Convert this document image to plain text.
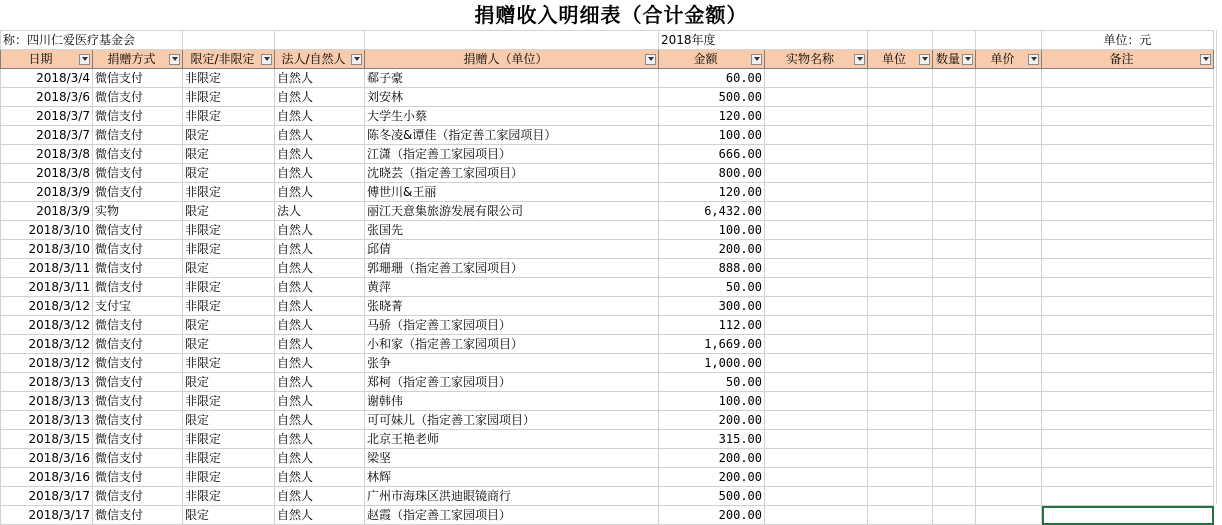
捐赠收入明细表（合计金额）
称：四川仁爱医疗基金会					2018年度					单位：元

日期	捐赠方式	限定/非限定	法人/自然人	捐赠人（单位）	金额	实物名称	单位	数量	单价	备注

2018/3/4	微信支付	非限定	自然人	郗子豪	60.00					
2018/3/6	微信支付	非限定	自然人	刘安林	500.00					
2018/3/7	微信支付	非限定	自然人	大学生小蔡	120.00					
2018/3/7	微信支付	限定	自然人	陈冬凌&谭佳（指定善工家园项目）	100.00					
2018/3/8	微信支付	限定	自然人	江潇（指定善工家园项目）	666.00					
2018/3/8	微信支付	限定	自然人	沈晓芸（指定善工家园项目）	800.00					
2018/3/9	微信支付	非限定	自然人	傅世川&王丽	120.00					
2018/3/9	实物	限定	法人	丽江天意集旅游发展有限公司	6,432.00					
2018/3/10	微信支付	非限定	自然人	张国先	100.00					
2018/3/10	微信支付	非限定	自然人	邱倩	200.00					
2018/3/11	微信支付	限定	自然人	郭珊珊（指定善工家园项目）	888.00					
2018/3/11	微信支付	非限定	自然人	黄萍	50.00					
2018/3/12	支付宝	非限定	自然人	张晓菁	300.00					
2018/3/12	微信支付	限定	自然人	马骄（指定善工家园项目）	112.00					
2018/3/12	微信支付	限定	自然人	小和家（指定善工家园项目）	1,669.00					
2018/3/12	微信支付	非限定	自然人	张争	1,000.00					
2018/3/13	微信支付	限定	自然人	郑柯（指定善工家园项目）	50.00					
2018/3/13	微信支付	非限定	自然人	谢韩伟	100.00					
2018/3/13	微信支付	限定	自然人	可可妹儿（指定善工家园项目）	200.00					
2018/3/15	微信支付	非限定	自然人	北京王艳老师	315.00					
2018/3/16	微信支付	非限定	自然人	梁坚	200.00					
2018/3/16	微信支付	非限定	自然人	林辉	200.00					
2018/3/17	微信支付	非限定	自然人	广州市海珠区洪迪眼镜商行	500.00					
2018/3/17	微信支付	限定	自然人	赵霞（指定善工家园项目）	200.00					
